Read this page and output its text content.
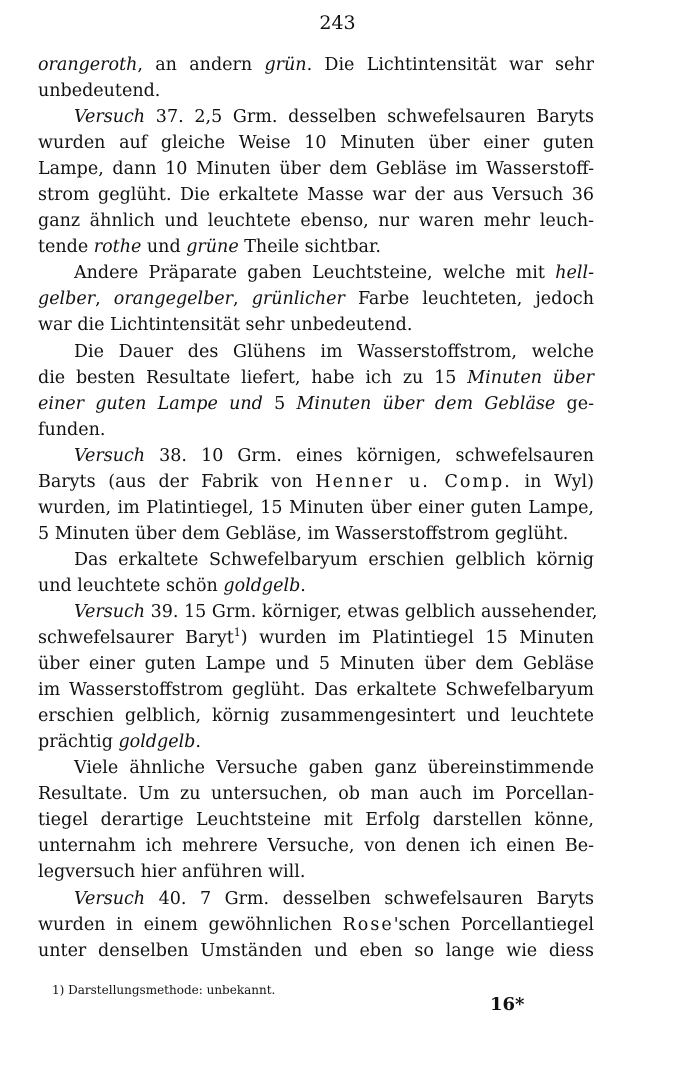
243
orangeroth, an andern grün. Die Lichtintensität war sehr
unbedeutend.
Versuch 37. 2,5 Grm. desselben schwefelsauren Baryts
wurden auf gleiche Weise 10 Minuten über einer guten
Lampe, dann 10 Minuten über dem Gebläse im Wasserstoff-
strom geglüht. Die erkaltete Masse war der aus Versuch 36
ganz ähnlich und leuchtete ebenso, nur waren mehr leuch-
tende rothe und grüne Theile sichtbar.
Andere Präparate gaben Leuchtsteine, welche mit hell-
gelber, orangegelber, grünlicher Farbe leuchteten, jedoch
war die Lichtintensität sehr unbedeutend.
Die Dauer des Glühens im Wasserstoffstrom, welche
die besten Resultate liefert, habe ich zu 15 Minuten über
einer guten Lampe und 5 Minuten über dem Gebläse ge-
funden.
Versuch 38. 10 Grm. eines körnigen, schwefelsauren
Baryts (aus der Fabrik von Henner u. Comp. in Wyl)
wurden, im Platintiegel, 15 Minuten über einer guten Lampe,
5 Minuten über dem Gebläse, im Wasserstoffstrom geglüht.
Das erkaltete Schwefelbaryum erschien gelblich körnig
und leuchtete schön goldgelb.
Versuch 39. 15 Grm. körniger, etwas gelblich aussehender,
schwefelsaurer Baryt$^1$) wurden im Platintiegel 15 Minuten
über einer guten Lampe und 5 Minuten über dem Gebläse
im Wasserstoffstrom geglüht. Das erkaltete Schwefelbaryum
erschien gelblich, körnig zusammengesintert und leuchtete
prächtig goldgelb.
Viele ähnliche Versuche gaben ganz übereinstimmende
Resultate. Um zu untersuchen, ob man auch im Porcellan-
tiegel derartige Leuchtsteine mit Erfolg darstellen könne,
unternahm ich mehrere Versuche, von denen ich einen Be-
legversuch hier anführen will.
Versuch 40. 7 Grm. desselben schwefelsauren Baryts
wurden in einem gewöhnlichen Rose'schen Porcellantiegel
unter denselben Umständen und eben so lange wie diess
1) Darstellungsmethode: unbekannt.
16*
